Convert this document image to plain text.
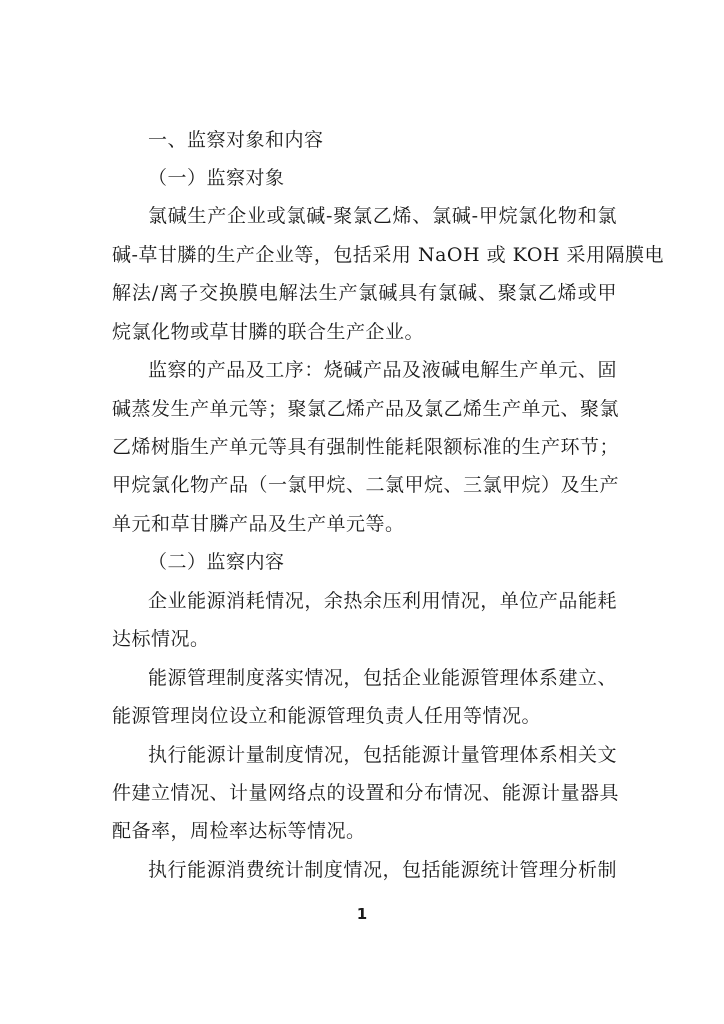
一、监察对象和内容
（一）监察对象
氯碱生产企业或氯碱-聚氯乙烯、氯碱-甲烷氯化物和氯
碱-草甘膦的生产企业等，包括采用 NaOH 或 KOH 采用隔膜电
解法/离子交换膜电解法生产氯碱具有氯碱、聚氯乙烯或甲
烷氯化物或草甘膦的联合生产企业。
监察的产品及工序：烧碱产品及液碱电解生产单元、固
碱蒸发生产单元等；聚氯乙烯产品及氯乙烯生产单元、聚氯
乙烯树脂生产单元等具有强制性能耗限额标准的生产环节；
甲烷氯化物产品（一氯甲烷、二氯甲烷、三氯甲烷）及生产
单元和草甘膦产品及生产单元等。
（二）监察内容
企业能源消耗情况，余热余压利用情况，单位产品能耗
达标情况。
能源管理制度落实情况，包括企业能源管理体系建立、
能源管理岗位设立和能源管理负责人任用等情况。
执行能源计量制度情况，包括能源计量管理体系相关文
件建立情况、计量网络点的设置和分布情况、能源计量器具
配备率，周检率达标等情况。
执行能源消费统计制度情况，包括能源统计管理分析制
1
